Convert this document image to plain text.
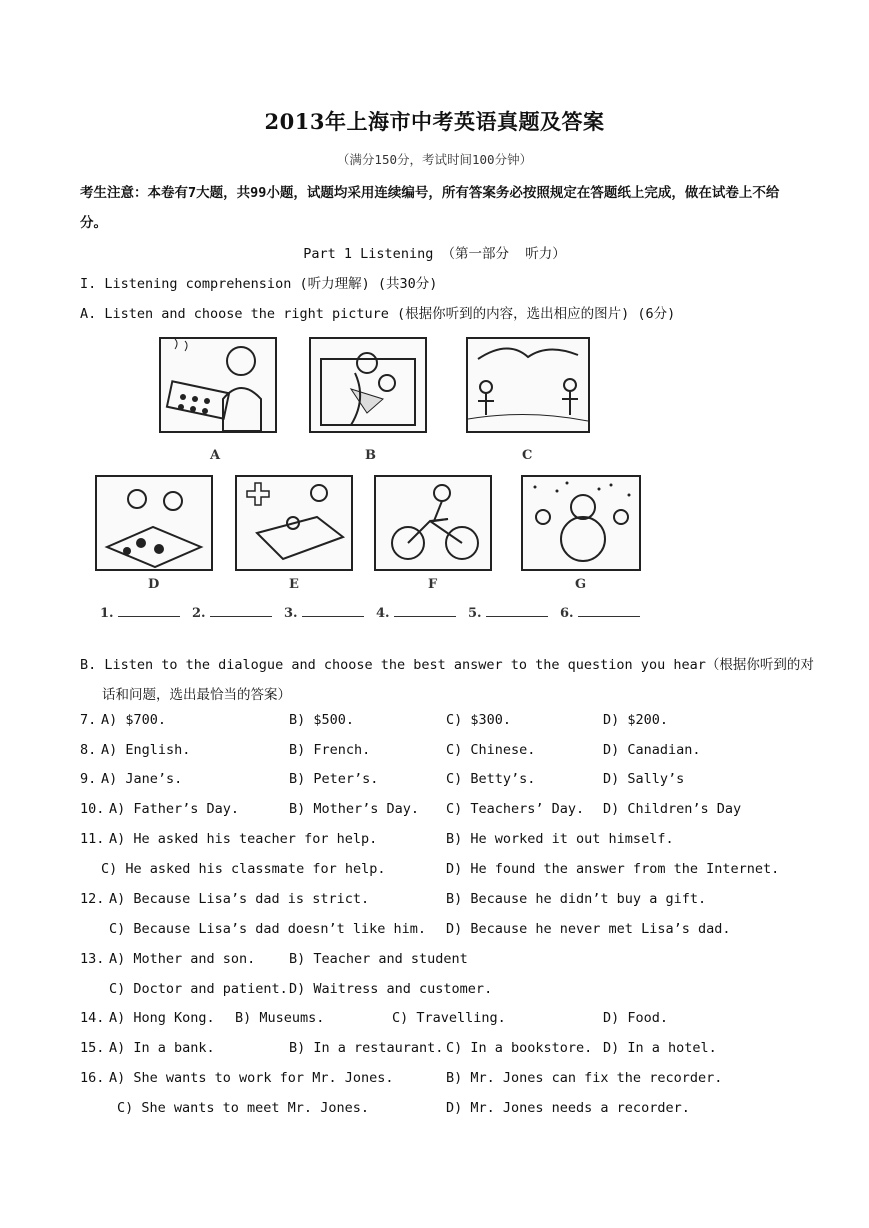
2013年上海市中考英语真题及答案
（满分150分，考试时间100分钟）
考生注意：本卷有7大题，共99小题，试题均采用连续编号，所有答案务必按照规定在答题纸上完成，做在试卷上不给分。
Part 1 Listening （第一部分  听力）
I. Listening comprehension (听力理解) (共30分)
A. Listen and choose the right picture (根据你听到的内容，选出相应的图片) (6分)
A	B	C
D	E	F	G
1.	2.	3.	4.	5.	6.
B. Listen to the dialogue and choose the best answer to the question you hear（根据你听到的对
话和问题，选出最恰当的答案）
7. A) $700.	B) $500.	C) $300.	D) $200.
8. A) English.	B) French.	C) Chinese.	D) Canadian.
9. A) Jane’s.	B) Peter’s.	C) Betty’s.	D) Sally’s
10. A) Father’s Day.	B) Mother’s Day. C) Teachers’ Day. D) Children’s Day
11. A) He asked his teacher for help.	B) He worked it out himself.
C) He asked his classmate for help.	D) He found the answer from the Internet.
12. A) Because Lisa’s dad is strict.	B) Because he didn’t buy a gift.
C) Because Lisa’s dad doesn’t like him. D) Because he never met Lisa’s dad.
13. A) Mother and son. B) Teacher and student
C) Doctor and patient. D) Waitress and customer.
14. A) Hong Kong. B) Museums.	C) Travelling.	D) Food.
15. A) In a bank.	B) In a restaurant. C) In a bookstore. D) In a hotel.
16. A) She wants to work for Mr. Jones.	B) Mr. Jones can fix the recorder.
C) She wants to meet Mr. Jones.	D) Mr. Jones needs a recorder.
